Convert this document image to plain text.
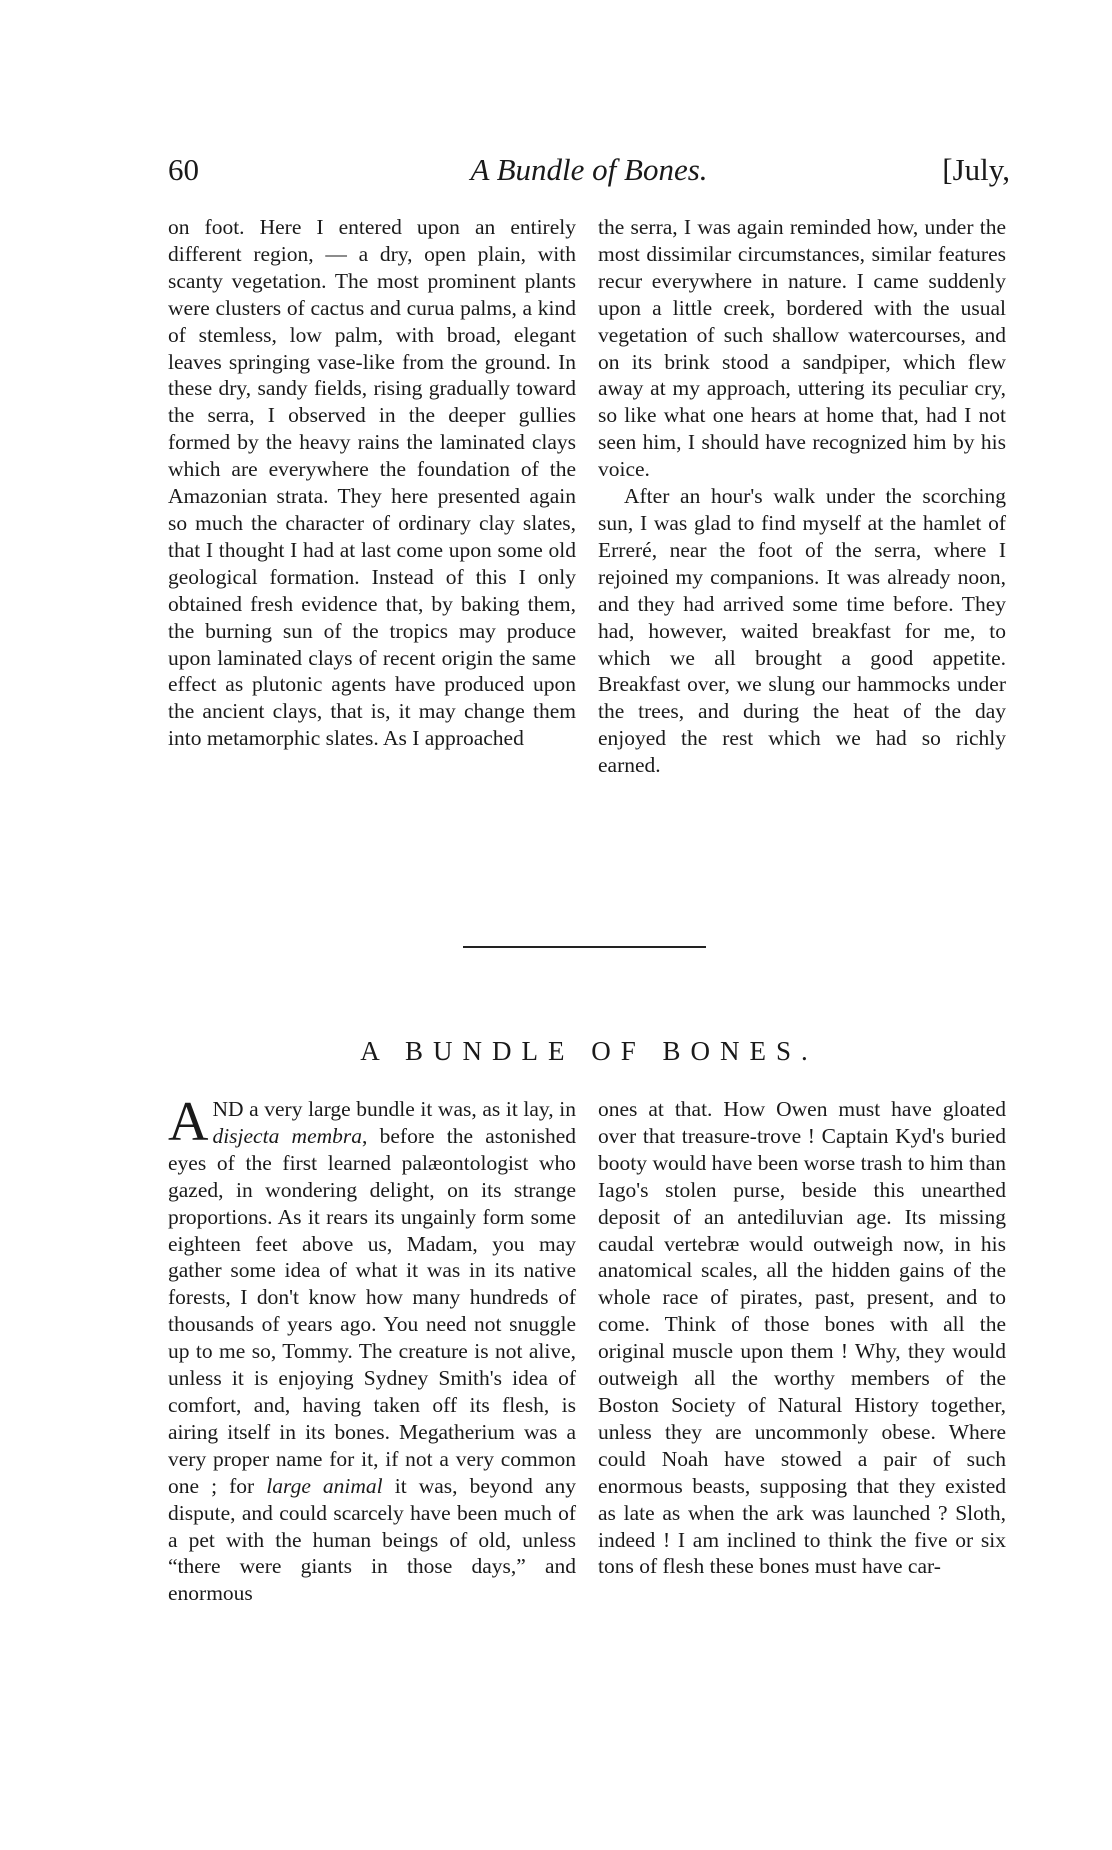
60	A Bundle of Bones.	[July,

on foot. Here I entered upon an entirely different region, — a dry, open plain, with scanty vegetation. The most prominent plants were clusters of cactus and curua palms, a kind of stemless, low palm, with broad, elegant leaves springing vase-like from the ground. In these dry, sandy fields, rising gradually toward the serra, I observed in the deeper gullies formed by the heavy rains the laminated clays which are everywhere the foundation of the Amazonian strata. They here presented again so much the character of ordinary clay slates, that I thought I had at last come upon some old geological formation. Instead of this I only obtained fresh evidence that, by baking them, the burning sun of the tropics may produce upon laminated clays of recent origin the same effect as plutonic agents have produced upon the ancient clays, that is, it may change them into metamorphic slates. As I approached

the serra, I was again reminded how, under the most dissimilar circumstances, similar features recur everywhere in nature. I came suddenly upon a little creek, bordered with the usual vegetation of such shallow watercourses, and on its brink stood a sandpiper, which flew away at my approach, uttering its peculiar cry, so like what one hears at home that, had I not seen him, I should have recognized him by his voice.

After an hour's walk under the scorching sun, I was glad to find myself at the hamlet of Erreré, near the foot of the serra, where I rejoined my companions. It was already noon, and they had arrived some time before. They had, however, waited breakfast for me, to which we all brought a good appetite. Breakfast over, we slung our hammocks under the trees, and during the heat of the day enjoyed the rest which we had so richly earned.

A BUNDLE OF BONES.

AND a very large bundle it was, as it lay, in disjecta membra, before the astonished eyes of the first learned palæontologist who gazed, in wondering delight, on its strange proportions. As it rears its ungainly form some eighteen feet above us, Madam, you may gather some idea of what it was in its native forests, I don't know how many hundreds of thousands of years ago. You need not snuggle up to me so, Tommy. The creature is not alive, unless it is enjoying Sydney Smith's idea of comfort, and, having taken off its flesh, is airing itself in its bones. Megatherium was a very proper name for it, if not a very common one ; for large animal it was, beyond any dispute, and could scarcely have been much of a pet with the human beings of old, unless “there were giants in those days,” and enormous

ones at that. How Owen must have gloated over that treasure-trove ! Captain Kyd's buried booty would have been worse trash to him than Iago's stolen purse, beside this unearthed deposit of an antediluvian age. Its missing caudal vertebræ would outweigh now, in his anatomical scales, all the hidden gains of the whole race of pirates, past, present, and to come. Think of those bones with all the original muscle upon them ! Why, they would outweigh all the worthy members of the Boston Society of Natural History together, unless they are uncommonly obese. Where could Noah have stowed a pair of such enormous beasts, supposing that they existed as late as when the ark was launched ? Sloth, indeed ! I am inclined to think the five or six tons of flesh these bones must have car-
